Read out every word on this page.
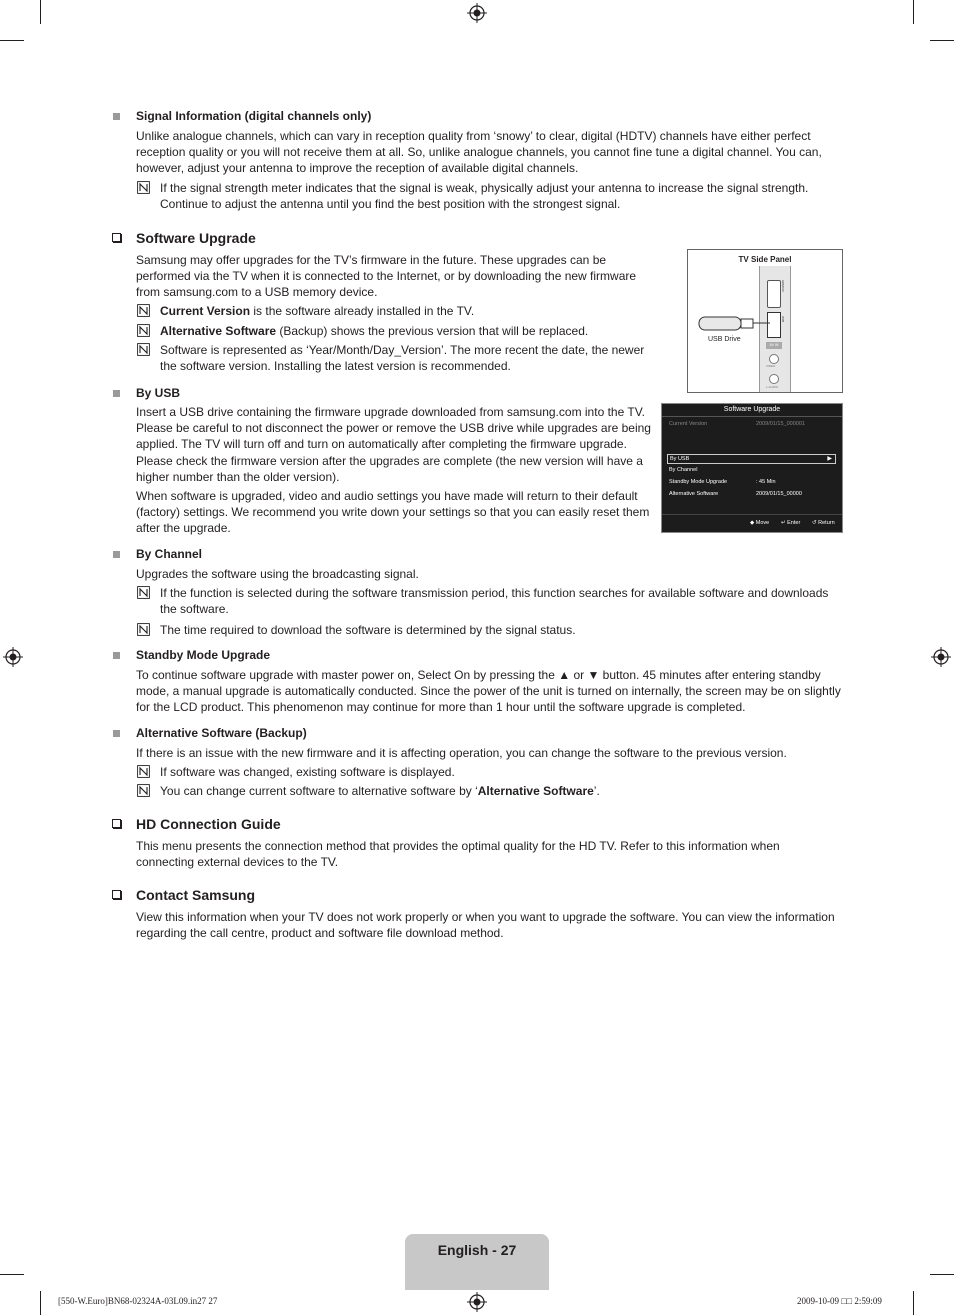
Signal Information (digital channels only)

Unlike analogue channels, which can vary in reception quality from ‘snowy’ to clear, digital (HDTV) channels have either perfect reception quality or you will not receive them at all. So, unlike analogue channels, you cannot fine tune a digital channel. You can, however, adjust your antenna to improve the reception of available digital channels.

If the signal strength meter indicates that the signal is weak, physically adjust your antenna to increase the signal strength. Continue to adjust the antenna until you find the best position with the strongest signal.

Software Upgrade

Samsung may offer upgrades for the TV’s firmware in the future. These upgrades can be performed via the TV when it is connected to the Internet, or by downloading the new firmware from samsung.com to a USB memory device.

Current Version is the software already installed in the TV.

Alternative Software (Backup) shows the previous version that will be replaced.

Software is represented as ‘Year/Month/Day_Version’. The more recent the date, the newer the software version. Installing the latest version is recommended.

TV Side Panel
HDMI IN
USB
AV IN
VIDEO
L-AUDIO
USB Drive
By USB

Insert a USB drive containing the firmware upgrade downloaded from samsung.com into the TV. Please be careful to not disconnect the power or remove the USB drive while upgrades are being applied. The TV will turn off and turn on automatically after completing the firmware upgrade. Please check the firmware version after the upgrades are complete (the new version will have a higher number than the older version).

When software is upgraded, video and audio settings you have made will return to their default (factory) settings. We recommend you write down your settings so that you can easily reset them after the upgrade.

Software Upgrade
Current Version	2009/01/15_000001
By USB	▶
By Channel
Standby Mode Upgrade	: 45 Min
Alternative Software	2009/01/15_00000
◆ Move ↵ Enter ↺ Return
By Channel

Upgrades the software using the broadcasting signal.

If the function is selected during the software transmission period, this function searches for available software and downloads the software.

The time required to download the software is determined by the signal status.

Standby Mode Upgrade

To continue software upgrade with master power on, Select On by pressing the ▲ or ▼ button. 45 minutes after entering standby mode, a manual upgrade is automatically conducted. Since the power of the unit is turned on internally, the screen may be on slightly for the LCD product. This phenomenon may continue for more than 1 hour until the software upgrade is completed.

Alternative Software (Backup)

If there is an issue with the new firmware and it is affecting operation, you can change the software to the previous version.

If software was changed, existing software is displayed.

You can change current software to alternative software by ‘Alternative Software’.

HD Connection Guide

This menu presents the connection method that provides the optimal quality for the HD TV. Refer to this information when connecting external devices to the TV.

Contact Samsung

View this information when your TV does not work properly or when you want to upgrade the software. You can view the information regarding the call centre, product and software file download method.

English - 27
[550-W.Euro]BN68-02324A-03L09.in27 27	2009-10-09 □□ 2:59:09
